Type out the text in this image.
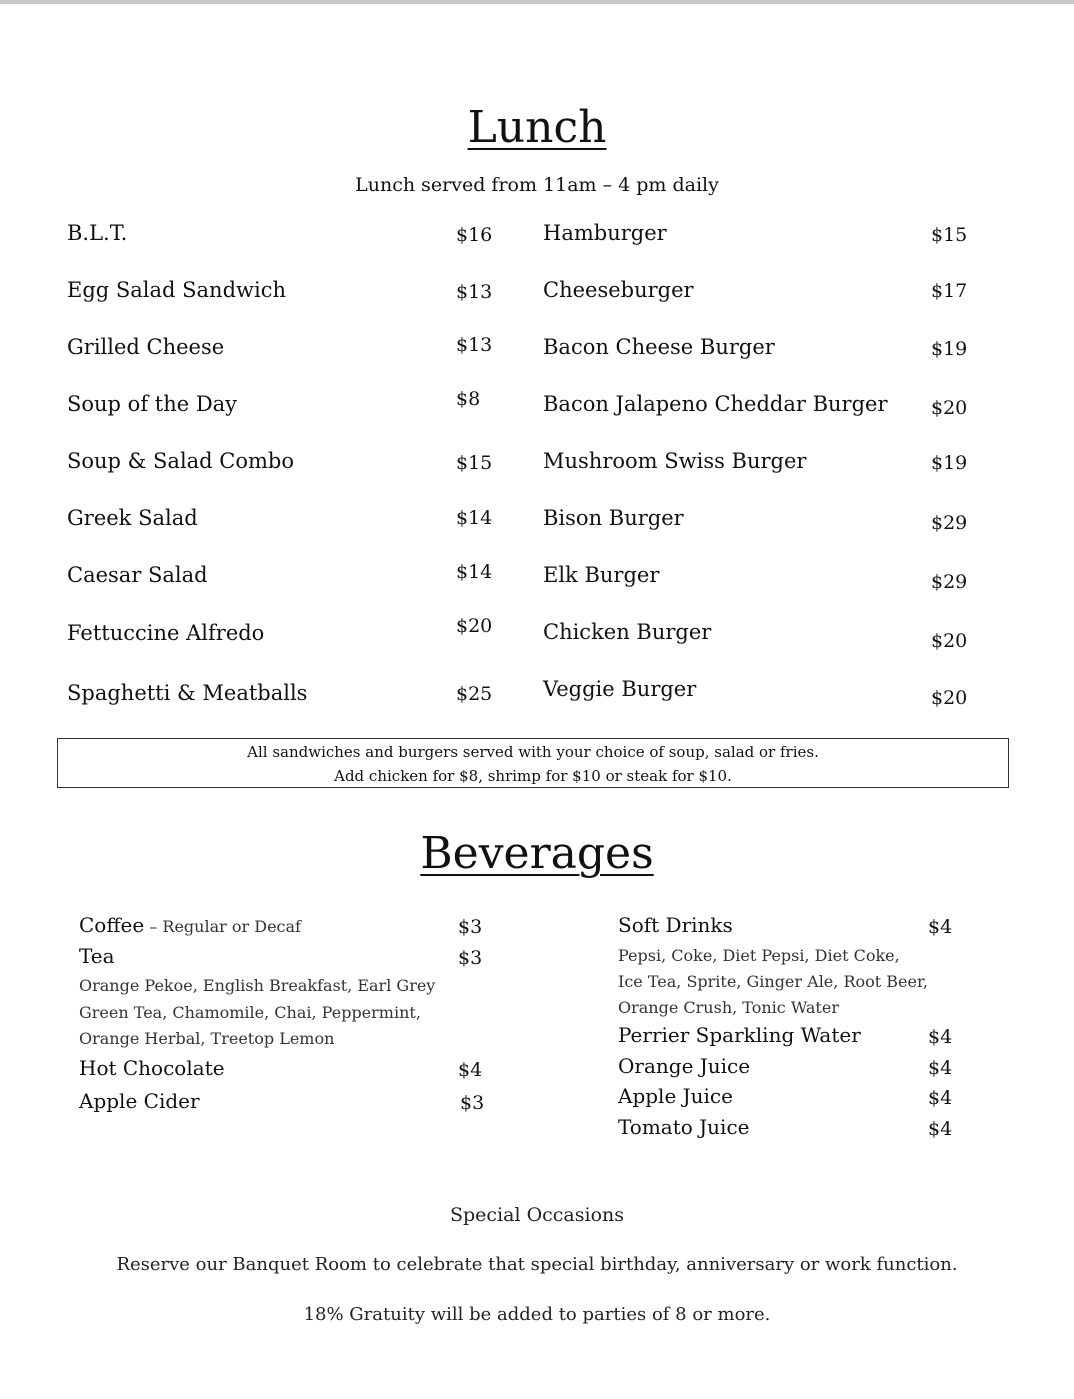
Lunch
Lunch served from 11am – 4 pm daily
B.L.T.	$16
Egg Salad Sandwich	$13
Grilled Cheese	$13
Soup of the Day	$8
Soup & Salad Combo	$15
Greek Salad	$14
Caesar Salad	$14
Fettuccine Alfredo	$20
Spaghetti & Meatballs	$25
Hamburger	$15
Cheeseburger	$17
Bacon Cheese Burger	$19
Bacon Jalapeno Cheddar Burger $20
Mushroom Swiss Burger	$19
Bison Burger	$29
Elk Burger	$29
Chicken Burger	$20
Veggie Burger	$20
All sandwiches and burgers served with your choice of soup, salad or fries.
Add chicken for $8, shrimp for $10 or steak for $10.
Beverages
Coffee – Regular or Decaf	$3
Tea	$3
Orange Pekoe, English Breakfast, Earl Grey
Green Tea, Chamomile, Chai, Peppermint,
Orange Herbal, Treetop Lemon
Hot Chocolate	$4
Apple Cider	$3
Soft Drinks	$4
Pepsi, Coke, Diet Pepsi, Diet Coke,
Ice Tea, Sprite, Ginger Ale, Root Beer,
Orange Crush, Tonic Water
Perrier Sparkling Water	$4
Orange Juice	$4
Apple Juice	$4
Tomato Juice	$4
Special Occasions
Reserve our Banquet Room to celebrate that special birthday, anniversary or work function.
18% Gratuity will be added to parties of 8 or more.
